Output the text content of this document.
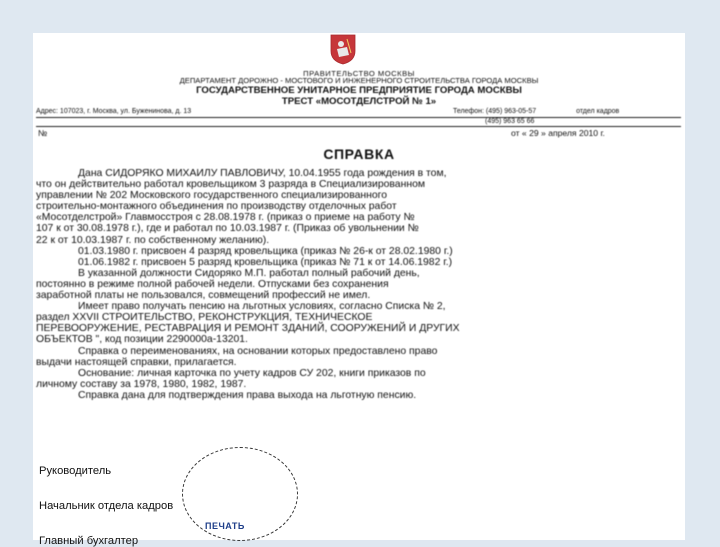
ПРАВИТЕЛЬСТВО МОСКВЫ
ДЕПАРТАМЕНТ ДОРОЖНО - МОСТОВОГО И ИНЖЕНЕРНОГО СТРОИТЕЛЬСТВА ГОРОДА МОСКВЫ
ГОСУДАРСТВЕННОЕ УНИТАРНОЕ ПРЕДПРИЯТИЕ ГОРОДА МОСКВЫ
ТРЕСТ «МОСОТДЕЛСТРОЙ № 1»
Адрес: 107023, г. Москва, ул. Буженинова, д. 13	Телефон: (495) 963-05-57	отдел кадров
(495) 963 65 66
№	от « 29 » апреля 2010 г.
СПРАВКА
Дана СИДОРЯКО МИХАИЛУ ПАВЛОВИЧУ, 10.04.1955 года рождения в том,
что он действительно работал кровельщиком 3 разряда в Специализированном
управлении № 202 Московского государственного специализированного
строительно-монтажного объединения по производству отделочных работ
«Мосотделстрой» Главмосстроя с 28.08.1978 г. (приказ о приеме на работу №
107 к от 30.08.1978 г.), где и работал по 10.03.1987 г. (Приказ об увольнении №
22 к от 10.03.1987 г. по собственному желанию).
01.03.1980 г. присвоен 4 разряд кровельщика (приказ № 26-к от 28.02.1980 г.)
01.06.1982 г. присвоен 5 разряд кровельщика (приказ № 71 к от 14.06.1982 г.)
В указанной должности Сидоряко М.П. работал полный рабочий день,
постоянно в режиме полной рабочей недели. Отпусками без сохранения
заработной платы не пользовался, совмещений профессий не имел.
Имеет право получать пенсию на льготных условиях, согласно Списка № 2,
раздел XXVII СТРОИТЕЛЬСТВО, РЕКОНСТРУКЦИЯ, ТЕХНИЧЕСКОЕ
ПЕРЕВООРУЖЕНИЕ, РЕСТАВРАЦИЯ И РЕМОНТ ЗДАНИЙ, СООРУЖЕНИЙ И ДРУГИХ
ОБЪЕКТОВ ", код позиции 2290000а-13201.
Справка о переименованиях, на основании которых предоставлено право
выдачи настоящей справки, прилагается.
Основание: личная карточка по учету кадров СУ 202, книги приказов по
личному составу за 1978, 1980, 1982, 1987.
Справка дана для подтверждения права выхода на льготную пенсию.
Руководитель
Начальник отдела кадров
Главный бухгалтер
ПЕЧАТЬ
